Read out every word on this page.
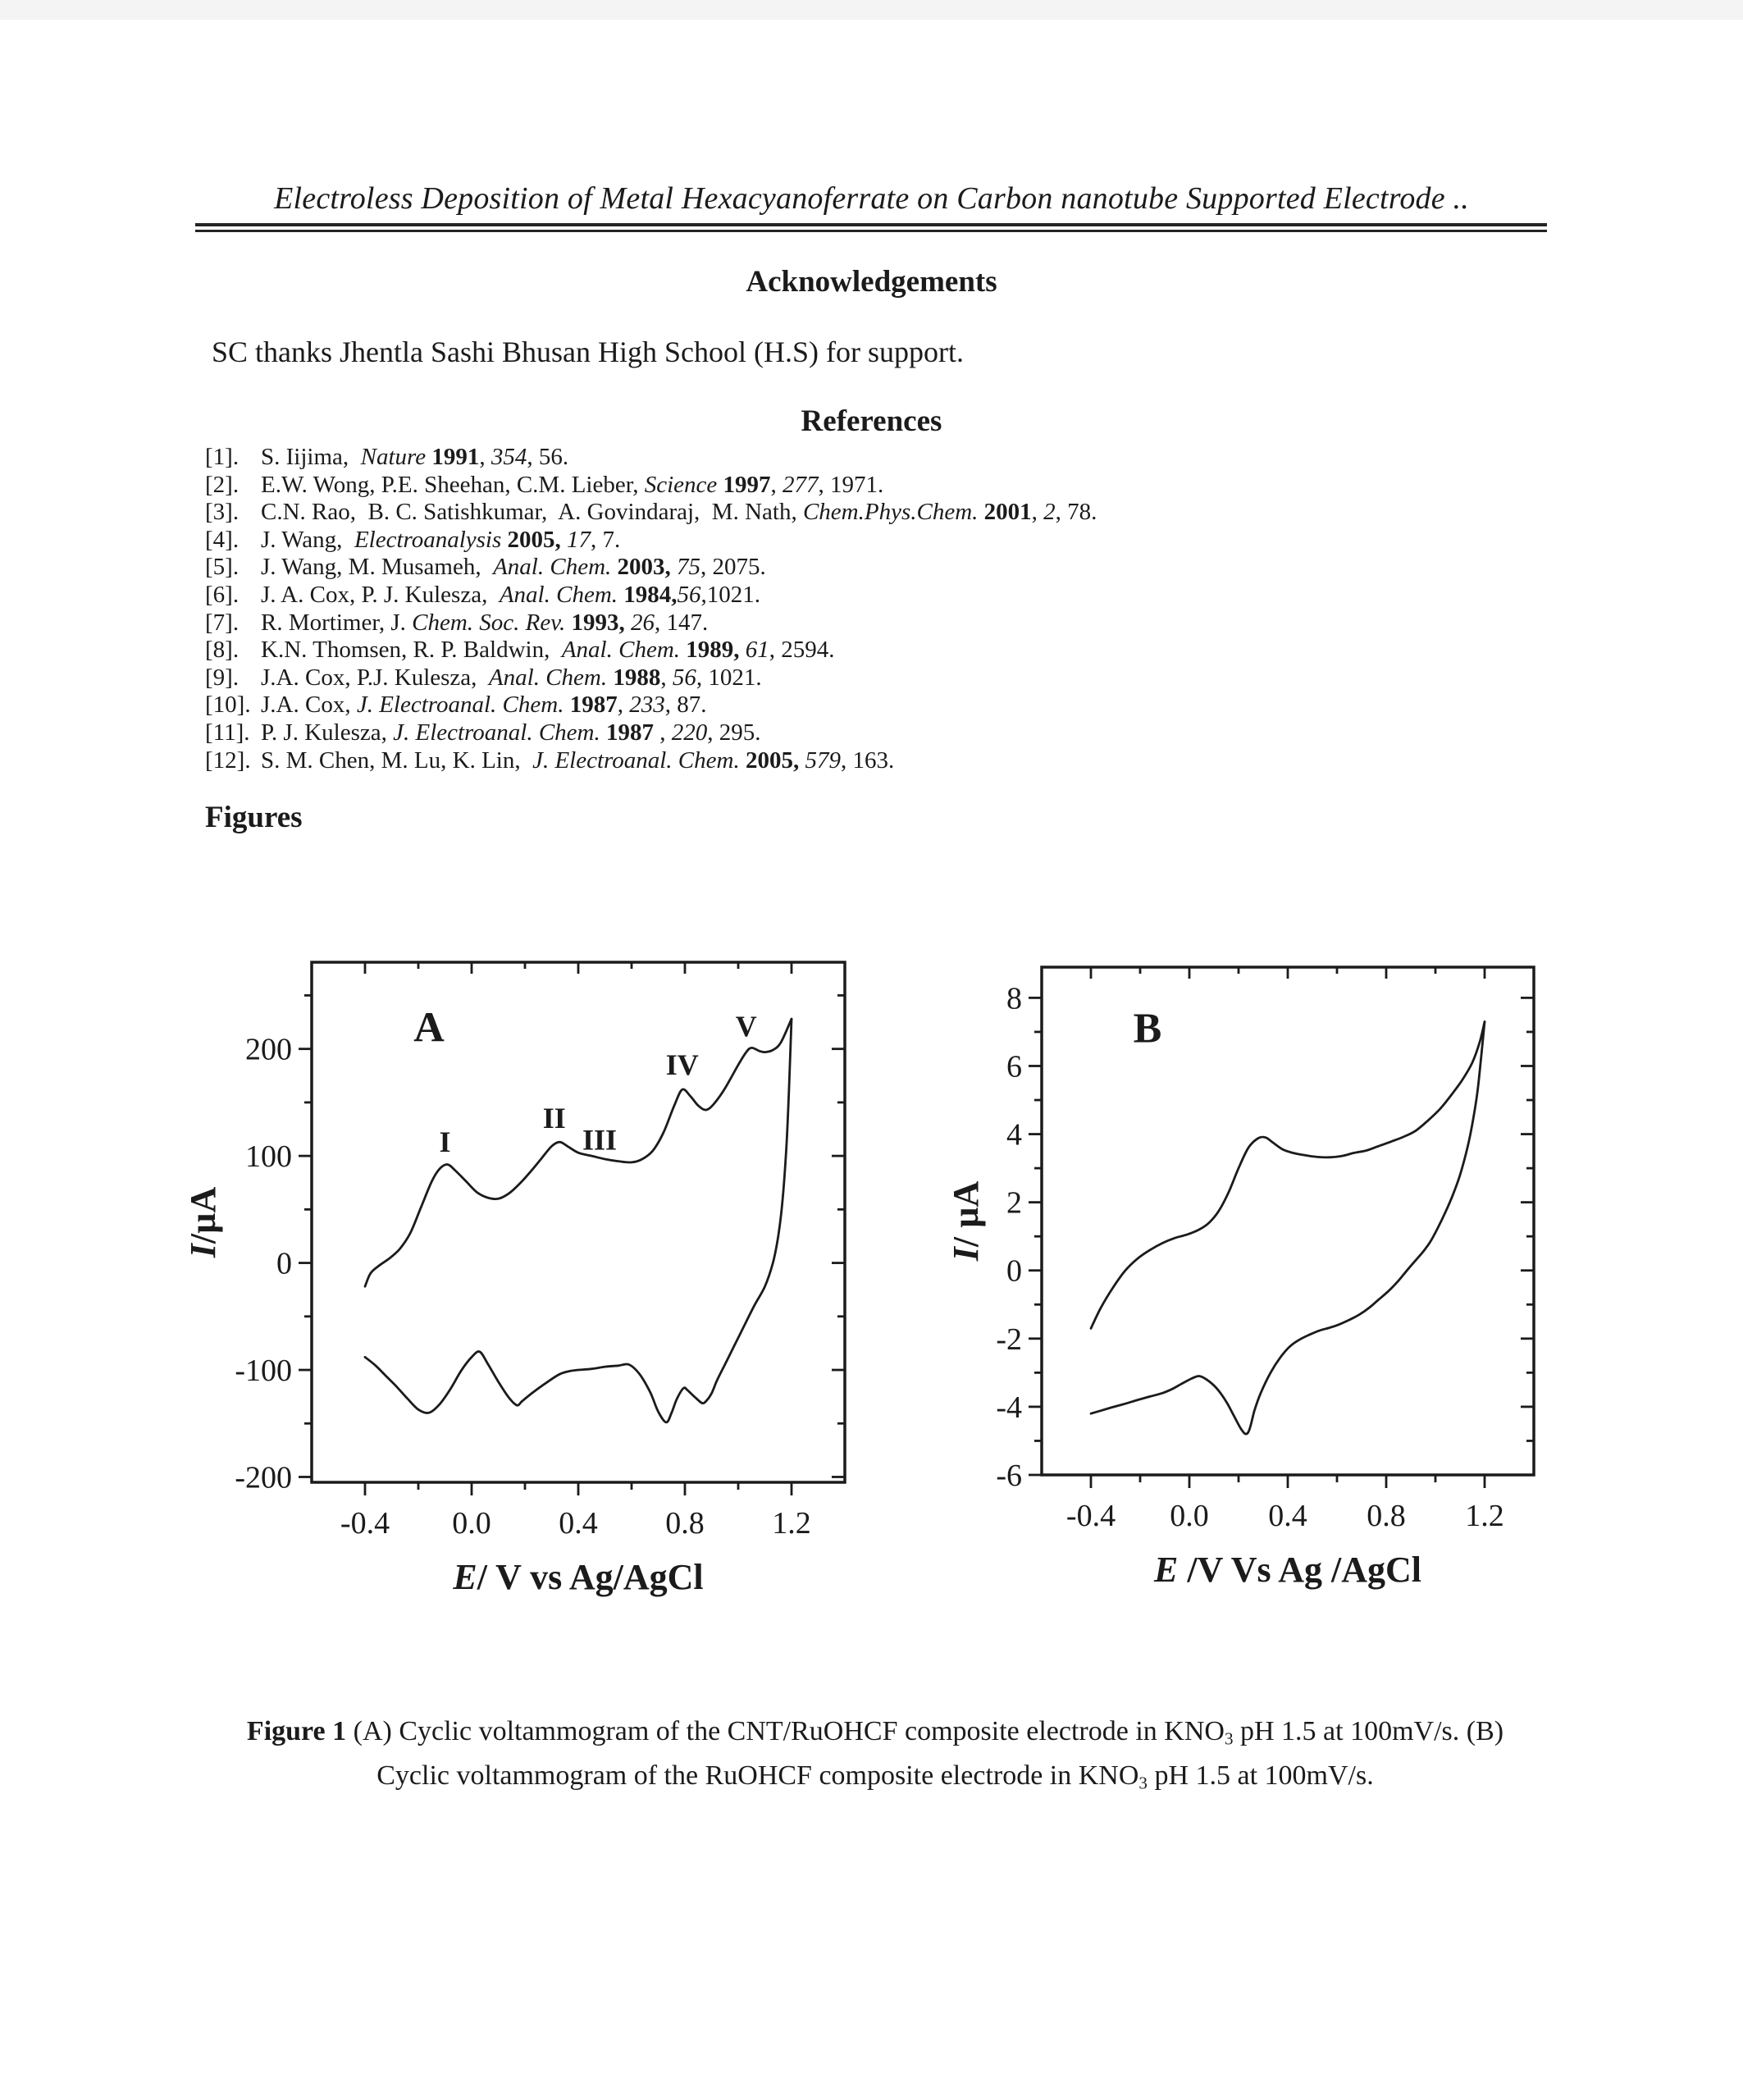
Electroless Deposition of Metal Hexacyanoferrate on Carbon nanotube Supported Electrode ..
Acknowledgements
SC thanks Jhentla Sashi Bhusan High School (H.S) for support.
References
[1]. S. Iijima,  Nature 1991, 354, 56.
[2]. E.W. Wong, P.E. Sheehan, C.M. Lieber, Science 1997, 277, 1971.
[3]. C.N. Rao,  B. C. Satishkumar,  A. Govindaraj,  M. Nath, Chem.Phys.Chem. 2001, 2, 78.
[4]. J. Wang,  Electroanalysis 2005, 17, 7.
[5]. J. Wang, M. Musameh,  Anal. Chem. 2003, 75, 2075.
[6]. J. A. Cox, P. J. Kulesza,  Anal. Chem. 1984,56,1021.
[7]. R. Mortimer, J. Chem. Soc. Rev. 1993, 26, 147.
[8]. K.N. Thomsen, R. P. Baldwin,  Anal. Chem. 1989, 61, 2594.
[9]. J.A. Cox, P.J. Kulesza,  Anal. Chem. 1988, 56, 1021.
[10]. J.A. Cox, J. Electroanal. Chem. 1987, 233, 87.
[11]. P. J. Kulesza, J. Electroanal. Chem. 1987 , 220, 295.
[12]. S. M. Chen, M. Lu, K. Lin,  J. Electroanal. Chem. 2005, 579, 163.
Figures
-200
-100
0
100
200
-0.4 0.0 0.4 0.8 1.2
E/ V vs Ag/AgCl
I/µA
A
I
II
III
IV
V
-6
-4
-2
0
2
4
6
8
-0.4 0.0 0.4 0.8 1.2
E /V Vs Ag /AgCl
I/ µA
B
Figure 1 (A) Cyclic voltammogram of the CNT/RuOHCF composite electrode in KNO3 pH 1.5 at 100mV/s. (B)
Cyclic voltammogram of the RuOHCF composite electrode in KNO3 pH 1.5 at 100mV/s.
